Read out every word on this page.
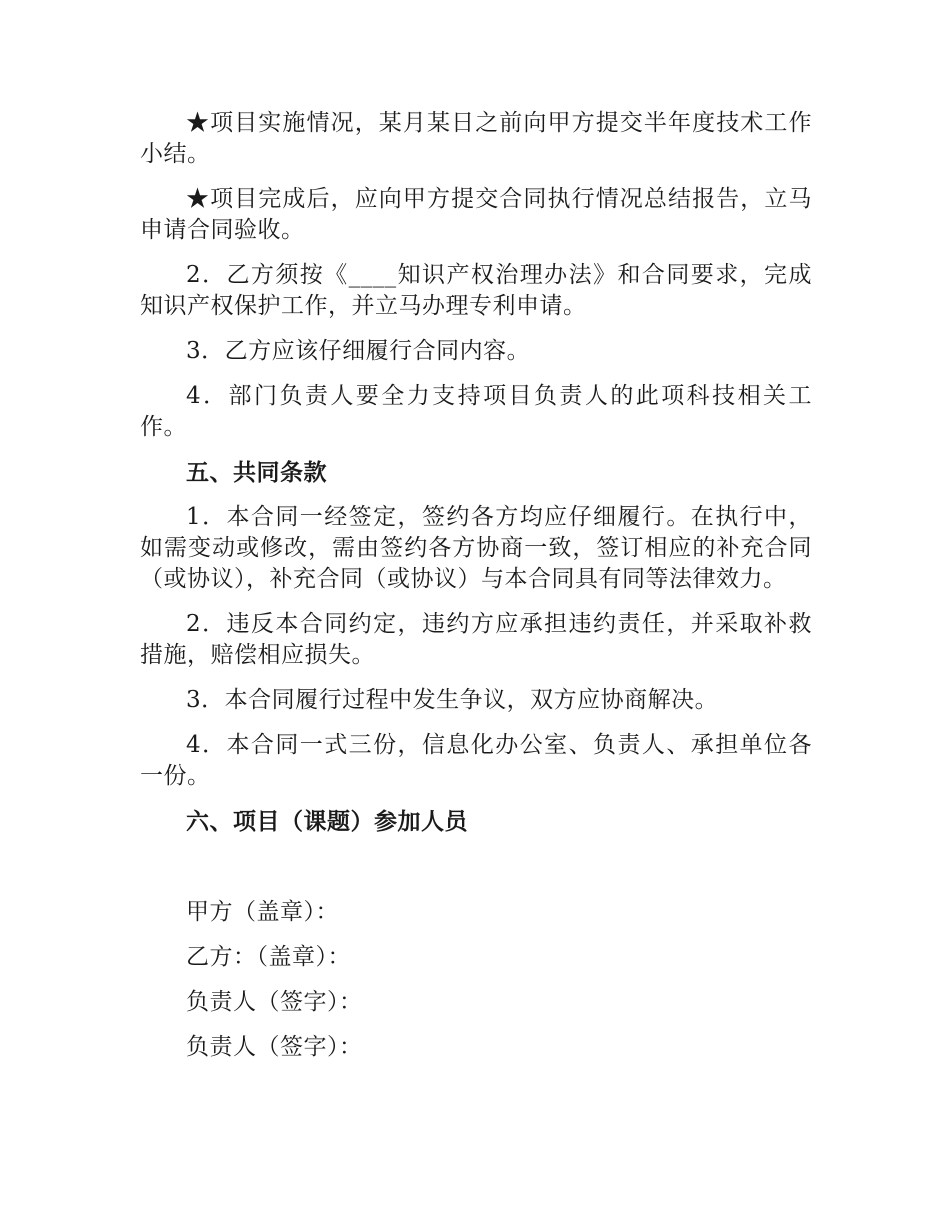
★项目实施情况，某月某日之前向甲方提交半年度技术工作小结。

★项目完成后，应向甲方提交合同执行情况总结报告，立马申请合同验收。

2．乙方须按《____知识产权治理办法》和合同要求，完成知识产权保护工作，并立马办理专利申请。

3．乙方应该仔细履行合同内容。

4．部门负责人要全力支持项目负责人的此项科技相关工作。

五、共同条款

1．本合同一经签定，签约各方均应仔细履行。在执行中，如需变动或修改，需由签约各方协商一致，签订相应的补充合同（或协议），补充合同（或协议）与本合同具有同等法律效力。

2．违反本合同约定，违约方应承担违约责任，并采取补救措施，赔偿相应损失。

3．本合同履行过程中发生争议，双方应协商解决。

4．本合同一式三份，信息化办公室、负责人、承担单位各一份。

六、项目（课题）参加人员
甲方（盖章）：
乙方：（盖章）：
负责人（签字）：
负责人（签字）：
